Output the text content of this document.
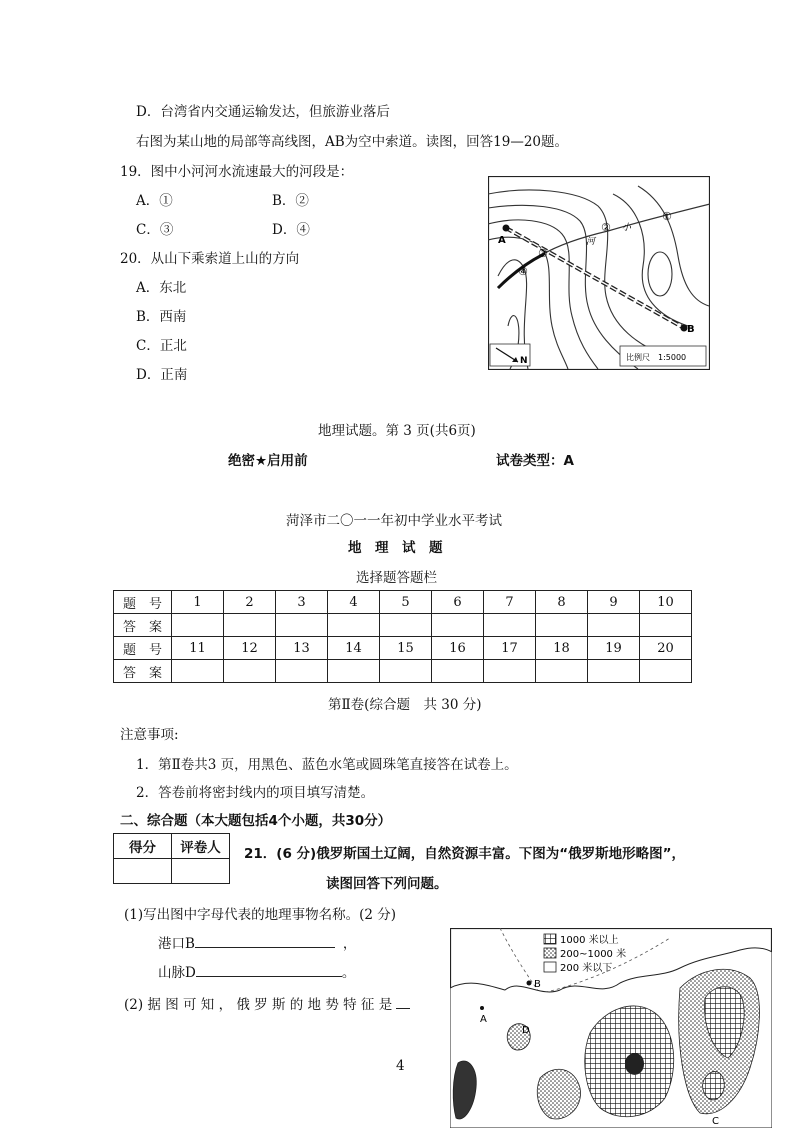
D．台湾省内交通运输发达，但旅游业落后
右图为某山地的局部等高线图，AB为空中索道。读图，回答19—20题。
19．图中小河河水流速最大的河段是：
A．①	B．②
C．③	D．④
20．从山下乘索道上山的方向
A．东北
B．西南
C．正北
D．正南
A
B
河
小
①
②
③
④
N	比例尺　1:5000
地理试题。第 3 页(共6页)
绝密★启用前	试卷类型：A
菏泽市二〇一一年初中学业水平考试
地　理　试　题
选择题答题栏
题　号	1	2	3	4	5	6	7	8	9	10
答　案										
题　号	11	12	13	14	15	16	17	18	19	20
答　案										
第Ⅱ卷(综合题　共 30 分)
注意事项:
1．第Ⅱ卷共3 页，用黑色、蓝色水笔或圆珠笔直接答在试卷上。
2．答卷前将密封线内的项目填写清楚。
二、综合题（本大题包括4个小题，共30分）
得分	评卷人
	21．(6 分)俄罗斯国土辽阔，自然资源丰富。下图为“俄罗斯地形略图”，
读图回答下列问题。
(1)写出图中字母代表的地理事物名称。(2 分)
港口B	，
山脉D	。
(2) 据 图 可 知 ， 俄 罗 斯 的 地 势 特 征 是
4
1000 米以上
200~1000 米
200 米以下
B
A
D
C
